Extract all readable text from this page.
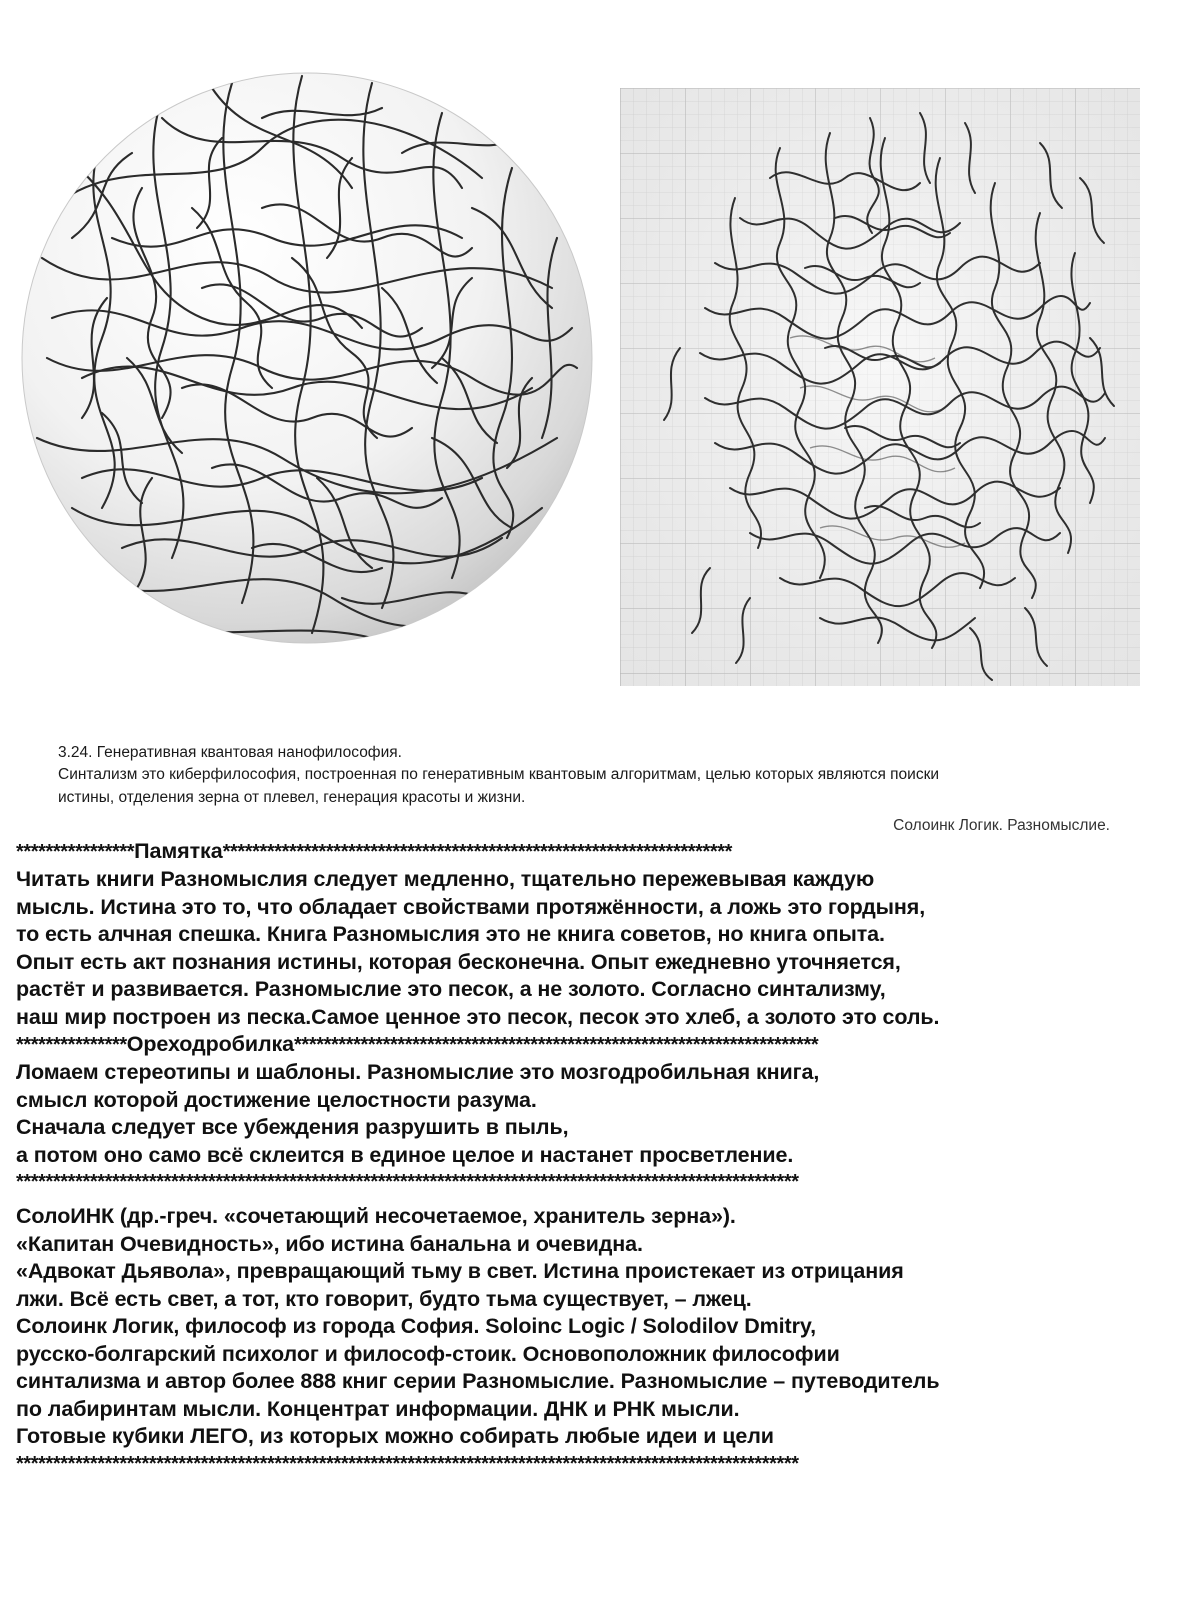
3.24. Генеративная квантовая нанофилософия.
Синтализм это киберфилософия, построенная по генеративным квантовым алгоритмам, целью которых являются поиски
истины, отделения зерна от плевел, генерация красоты и жизни.
Солоинк Логик. Разномыслие.
****************Памятка*********************************************************************
Читать книги Разномыслия следует медленно, тщательно пережевывая каждую
мысль. Истина это то, что обладает свойствами протяжённости, а ложь это гордыня,
то есть алчная спешка. Книга Разномыслия это не книга советов, но книга опыта.
Опыт есть акт познания истины, которая бесконечна. Опыт ежедневно уточняется,
растёт и развивается. Разномыслие это песок, а не золото. Согласно синтализму,
наш мир построен из песка.Самое ценное это песок, песок это хлеб, а золото это соль.
***************Ореходробилка***********************************************************************
Ломаем стереотипы и шаблоны. Разномыслие это мозгодробильная книга,
смысл которой достижение целостности разума.
Сначала следует все убеждения разрушить в пыль,
а потом оно само всё склеится в единое целое и настанет просветление.
**********************************************************************************************************
СолоИНК (др.-греч. «сочетающий несочетаемое, хранитель зерна»).
«Капитан Очевидность», ибо истина банальна и очевидна.
«Адвокат Дьявола», превращающий тьму в свет. Истина проистекает из отрицания
лжи. Всё есть свет, а тот, кто говорит, будто тьма существует, – лжец.
Солоинк Логик, философ из города София. Soloinc Logic / Solodilov Dmitry,
русско-болгарский психолог и философ-стоик. Основоположник философии
синтализма и автор более 888 книг серии Разномыслие. Разномыслие – путеводитель
по лабиринтам мысли. Концентрат информации. ДНК и РНК мысли.
Готовые кубики ЛЕГО, из которых можно собирать любые идеи и цели
**********************************************************************************************************
